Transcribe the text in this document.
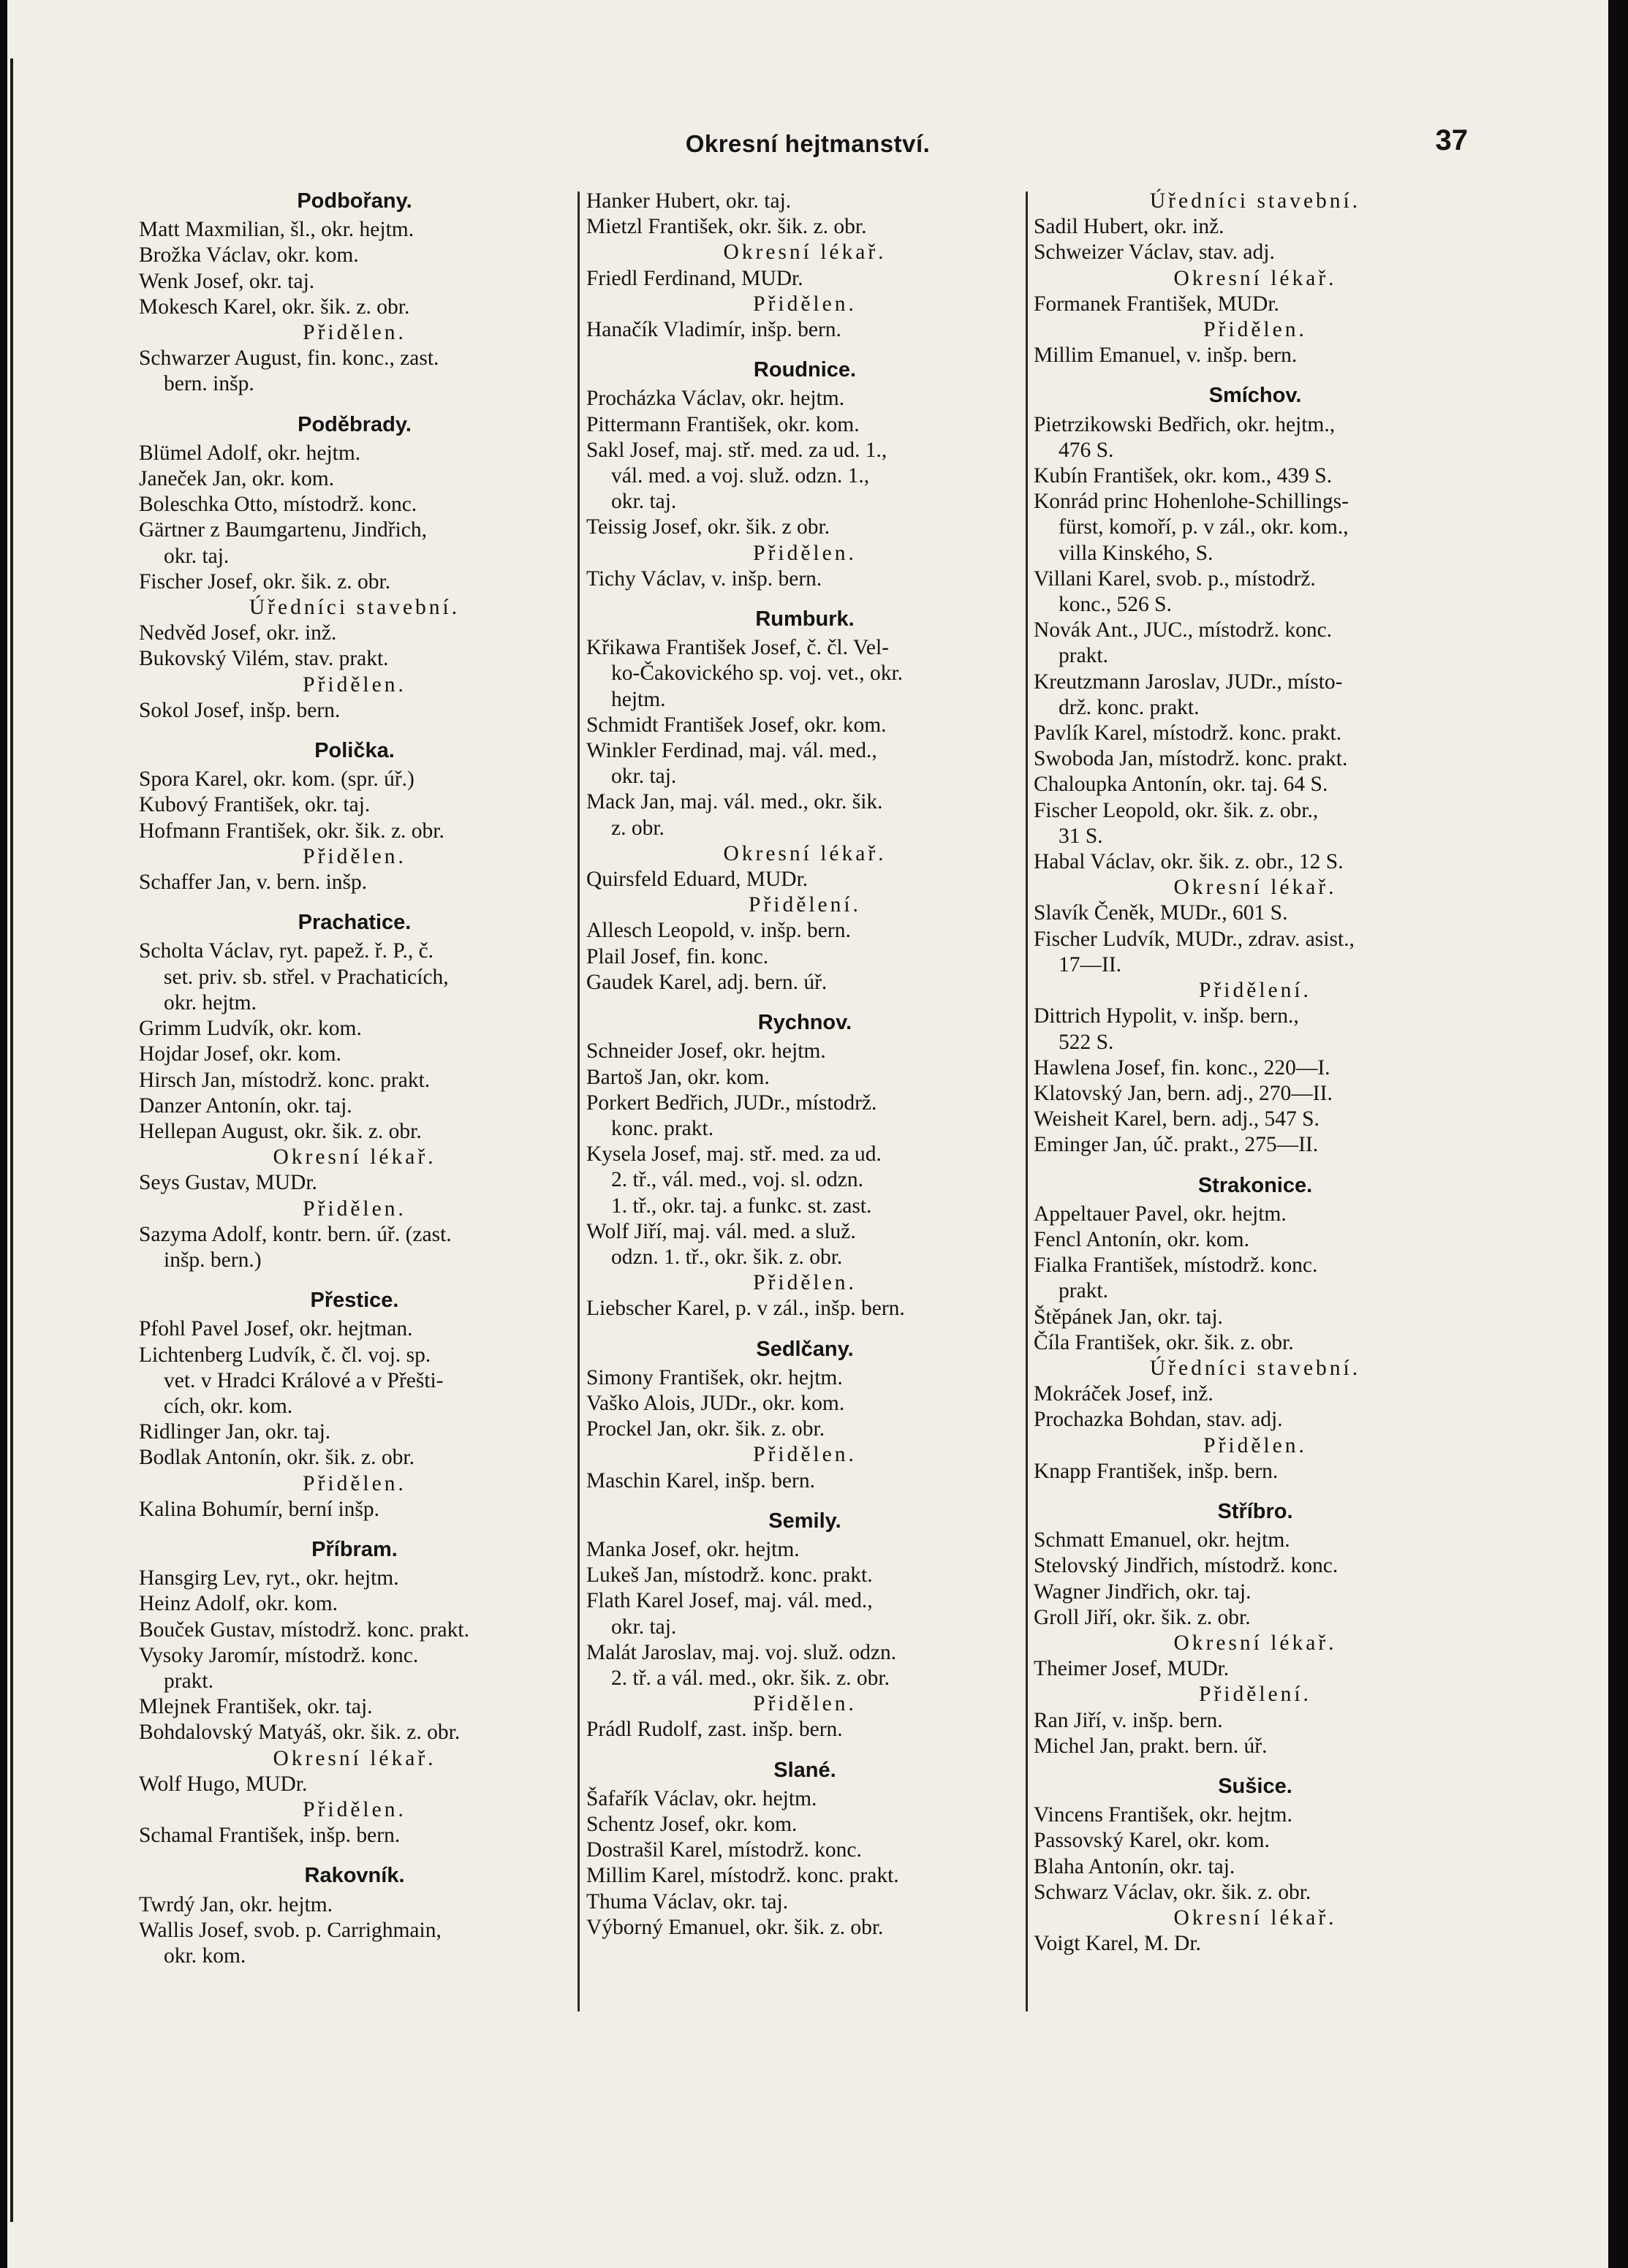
Okresní hejtmanství.	37
Podbořany.
Matt Maxmilian, šl., okr. hejtm.
Brožka Václav, okr. kom.
Wenk Josef, okr. taj.
Mokesch Karel, okr. šik. z. obr.
Přidělen.
Schwarzer August, fin. konc., zast.
bern. inšp.
Poděbrady.
Blümel Adolf, okr. hejtm.
Janeček Jan, okr. kom.
Boleschka Otto, místodrž. konc.
Gärtner z Baumgartenu, Jindřich,
okr. taj.
Fischer Josef, okr. šik. z. obr.
Úředníci stavební.
Nedvěd Josef, okr. inž.
Bukovský Vilém, stav. prakt.
Přidělen.
Sokol Josef, inšp. bern.
Polička.
Spora Karel, okr. kom. (spr. úř.)
Kubový František, okr. taj.
Hofmann František, okr. šik. z. obr.
Přidělen.
Schaffer Jan, v. bern. inšp.
Prachatice.
Scholta Václav, ryt. papež. ř. P., č.
set. priv. sb. střel. v Prachaticích,
okr. hejtm.
Grimm Ludvík, okr. kom.
Hojdar Josef, okr. kom.
Hirsch Jan, místodrž. konc. prakt.
Danzer Antonín, okr. taj.
Hellepan August, okr. šik. z. obr.
Okresní lékař.
Seys Gustav, MUDr.
Přidělen.
Sazyma Adolf, kontr. bern. úř. (zast.
inšp. bern.)
Přestice.
Pfohl Pavel Josef, okr. hejtman.
Lichtenberg Ludvík, č. čl. voj. sp.
vet. v Hradci Králové a v Přešti-
cích, okr. kom.
Ridlinger Jan, okr. taj.
Bodlak Antonín, okr. šik. z. obr.
Přidělen.
Kalina Bohumír, berní inšp.
Příbram.
Hansgirg Lev, ryt., okr. hejtm.
Heinz Adolf, okr. kom.
Bouček Gustav, místodrž. konc. prakt.
Vysoky Jaromír, místodrž. konc.
prakt.
Mlejnek František, okr. taj.
Bohdalovský Matyáš, okr. šik. z. obr.
Okresní lékař.
Wolf Hugo, MUDr.
Přidělen.
Schamal František, inšp. bern.
Rakovník.
Twrdý Jan, okr. hejtm.
Wallis Josef, svob. p. Carrighmain,
okr. kom.
Hanker Hubert, okr. taj.
Mietzl František, okr. šik. z. obr.
Okresní lékař.
Friedl Ferdinand, MUDr.
Přidělen.
Hanačík Vladimír, inšp. bern.
Roudnice.
Procházka Václav, okr. hejtm.
Pittermann František, okr. kom.
Sakl Josef, maj. stř. med. za ud. 1.,
vál. med. a voj. služ. odzn. 1.,
okr. taj.
Teissig Josef, okr. šik. z obr.
Přidělen.
Tichy Václav, v. inšp. bern.
Rumburk.
Křikawa František Josef, č. čl. Vel-
ko-Čakovického sp. voj. vet., okr.
hejtm.
Schmidt František Josef, okr. kom.
Winkler Ferdinad, maj. vál. med.,
okr. taj.
Mack Jan, maj. vál. med., okr. šik.
z. obr.
Okresní lékař.
Quirsfeld Eduard, MUDr.
Přidělení.
Allesch Leopold, v. inšp. bern.
Plail Josef, fin. konc.
Gaudek Karel, adj. bern. úř.
Rychnov.
Schneider Josef, okr. hejtm.
Bartoš Jan, okr. kom.
Porkert Bedřich, JUDr., místodrž.
konc. prakt.
Kysela Josef, maj. stř. med. za ud.
2. tř., vál. med., voj. sl. odzn.
1. tř., okr. taj. a funkc. st. zast.
Wolf Jiří, maj. vál. med. a služ.
odzn. 1. tř., okr. šik. z. obr.
Přidělen.
Liebscher Karel, p. v zál., inšp. bern.
Sedlčany.
Simony František, okr. hejtm.
Vaško Alois, JUDr., okr. kom.
Prockel Jan, okr. šik. z. obr.
Přidělen.
Maschin Karel, inšp. bern.
Semily.
Manka Josef, okr. hejtm.
Lukeš Jan, místodrž. konc. prakt.
Flath Karel Josef, maj. vál. med.,
okr. taj.
Malát Jaroslav, maj. voj. služ. odzn.
2. tř. a vál. med., okr. šik. z. obr.
Přidělen.
Prádl Rudolf, zast. inšp. bern.
Slané.
Šafařík Václav, okr. hejtm.
Schentz Josef, okr. kom.
Dostrašil Karel, místodrž. konc.
Millim Karel, místodrž. konc. prakt.
Thuma Václav, okr. taj.
Výborný Emanuel, okr. šik. z. obr.
Úředníci stavební.
Sadil Hubert, okr. inž.
Schweizer Václav, stav. adj.
Okresní lékař.
Formanek František, MUDr.
Přidělen.
Millim Emanuel, v. inšp. bern.
Smíchov.
Pietrzikowski Bedřich, okr. hejtm.,
476 S.
Kubín František, okr. kom., 439 S.
Konrád princ Hohenlohe-Schillings-
fürst, komoří, p. v zál., okr. kom.,
villa Kinského, S.
Villani Karel, svob. p., místodrž.
konc., 526 S.
Novák Ant., JUC., místodrž. konc.
prakt.
Kreutzmann Jaroslav, JUDr., místo-
drž. konc. prakt.
Pavlík Karel, místodrž. konc. prakt.
Swoboda Jan, místodrž. konc. prakt.
Chaloupka Antonín, okr. taj. 64 S.
Fischer Leopold, okr. šik. z. obr.,
31 S.
Habal Václav, okr. šik. z. obr., 12 S.
Okresní lékař.
Slavík Čeněk, MUDr., 601 S.
Fischer Ludvík, MUDr., zdrav. asist.,
17—II.
Přidělení.
Dittrich Hypolit, v. inšp. bern.,
522 S.
Hawlena Josef, fin. konc., 220—I.
Klatovský Jan, bern. adj., 270—II.
Weisheit Karel, bern. adj., 547 S.
Eminger Jan, úč. prakt., 275—II.
Strakonice.
Appeltauer Pavel, okr. hejtm.
Fencl Antonín, okr. kom.
Fialka František, místodrž. konc.
prakt.
Štěpánek Jan, okr. taj.
Číla František, okr. šik. z. obr.
Úředníci stavební.
Mokráček Josef, inž.
Prochazka Bohdan, stav. adj.
Přidělen.
Knapp František, inšp. bern.
Stříbro.
Schmatt Emanuel, okr. hejtm.
Stelovský Jindřich, místodrž. konc.
Wagner Jindřich, okr. taj.
Groll Jiří, okr. šik. z. obr.
Okresní lékař.
Theimer Josef, MUDr.
Přidělení.
Ran Jiří, v. inšp. bern.
Michel Jan, prakt. bern. úř.
Sušice.
Vincens František, okr. hejtm.
Passovský Karel, okr. kom.
Blaha Antonín, okr. taj.
Schwarz Václav, okr. šik. z. obr.
Okresní lékař.
Voigt Karel, M. Dr.
